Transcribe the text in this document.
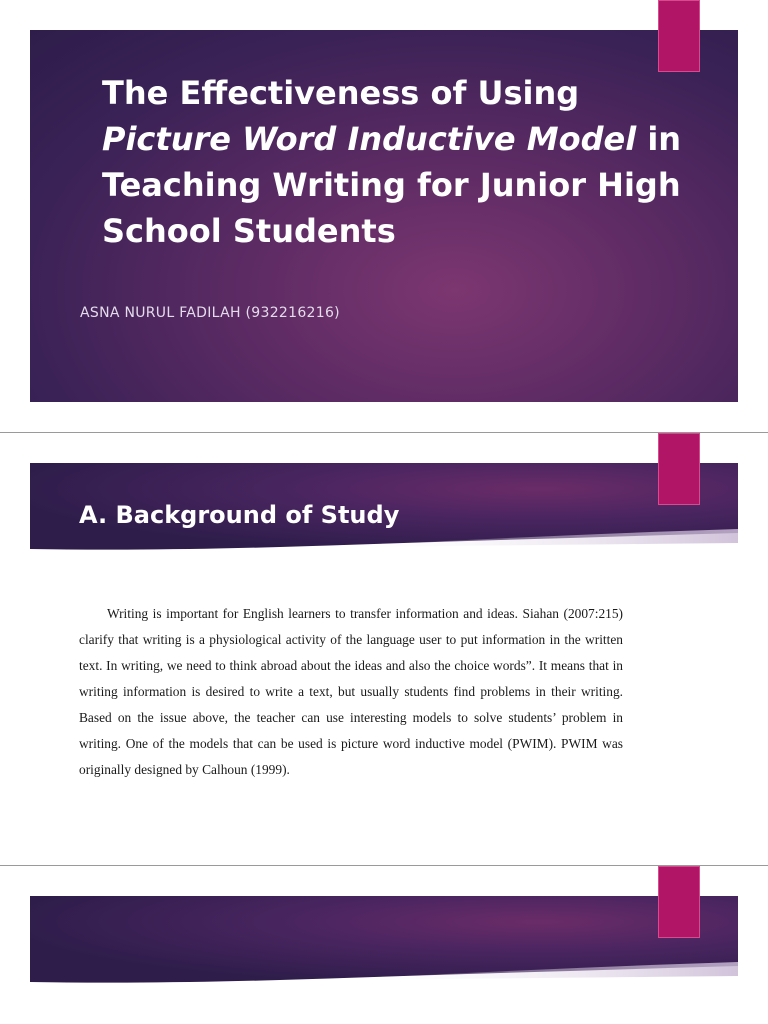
The Effectiveness of Using
Picture Word Inductive Model in Teaching Writing for Junior High School Students
ASNA NURUL FADILAH (932216216)
A. Background of Study

Writing is important for English learners to transfer information and ideas. Siahan (2007:215) clarify that writing is a physiological activity of the language user to put information in the written text. In writing, we need to think abroad about the ideas and also the choice words”. It means that in writing information is desired to write a text, but usually students find problems in their writing. Based on the issue above, the teacher can use interesting models to solve students’ problem in writing. One of the models that can be used is picture word inductive model (PWIM). PWIM was originally designed by Calhoun (1999).
